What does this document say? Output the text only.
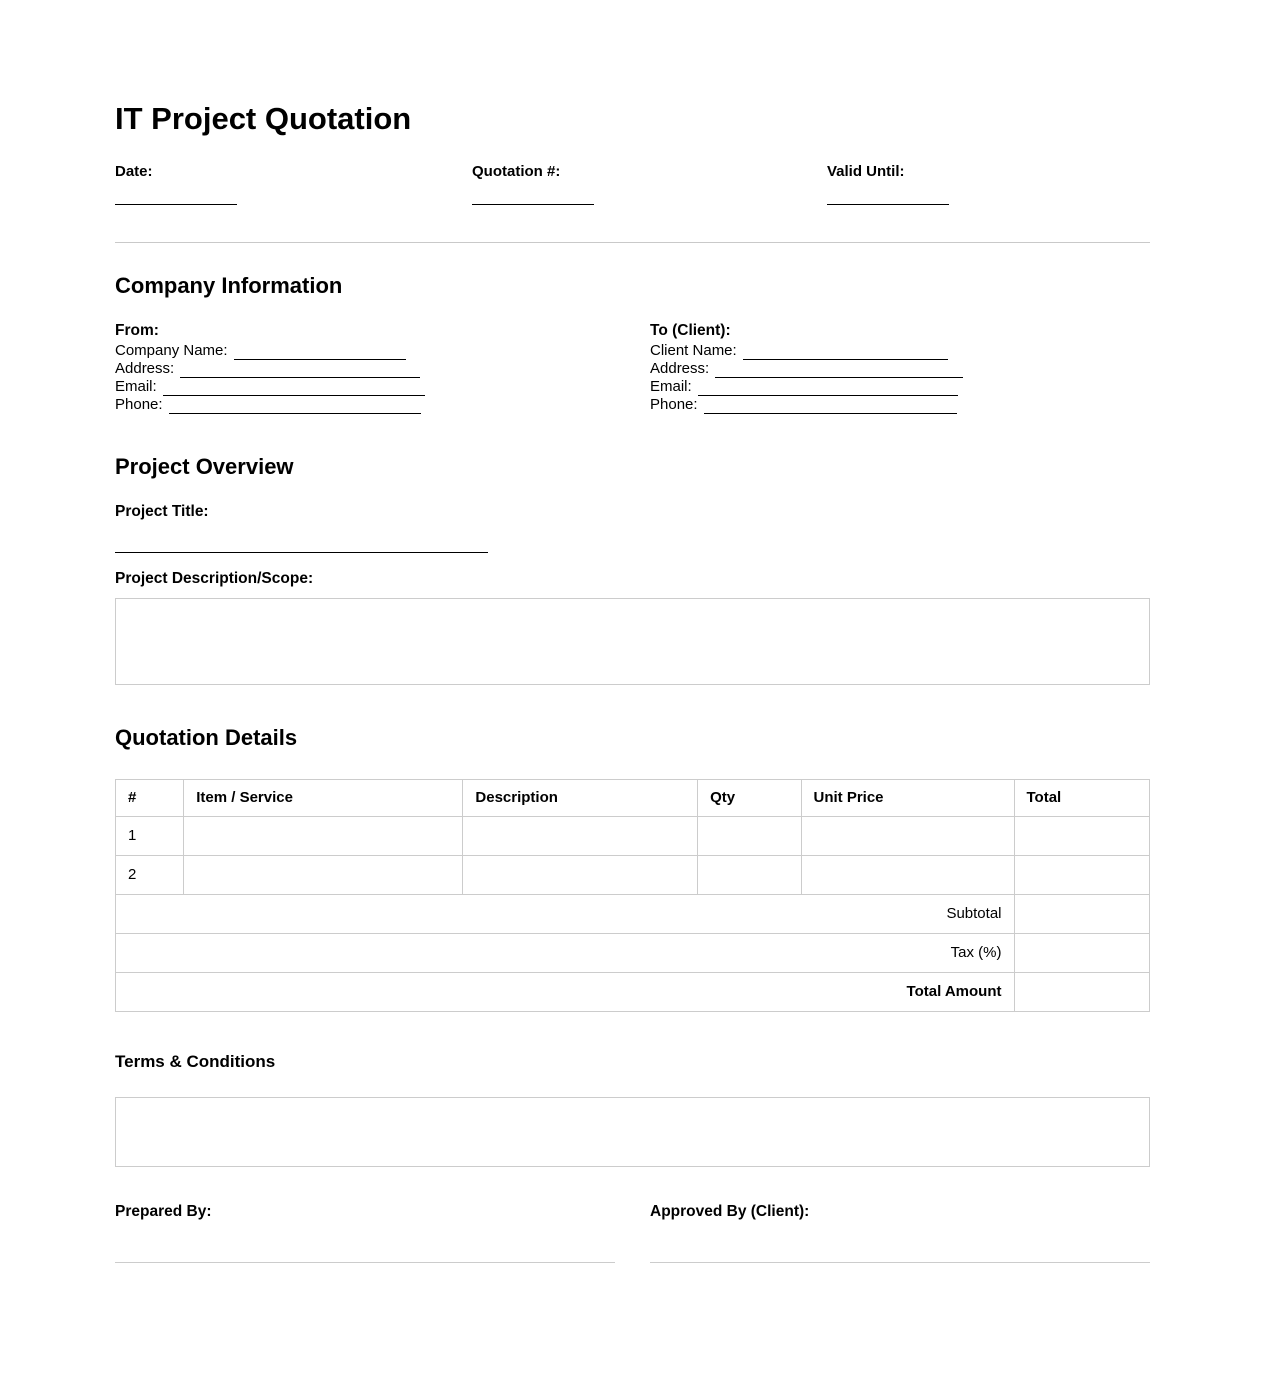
IT Project Quotation
Date:	Quotation #:	Valid Until:
Company Information
From:
Company Name:
Address:
Email:
Phone:
To (Client):
Client Name:
Address:
Email:
Phone:
Project Overview
Project Title:
Project Description/Scope:
Quotation Details
#	Item / Service	Description	Qty	Unit Price	Total
1					
2					
Subtotal					
Tax (%)					
Total Amount					
Terms & Conditions
Prepared By:	Approved By (Client):
